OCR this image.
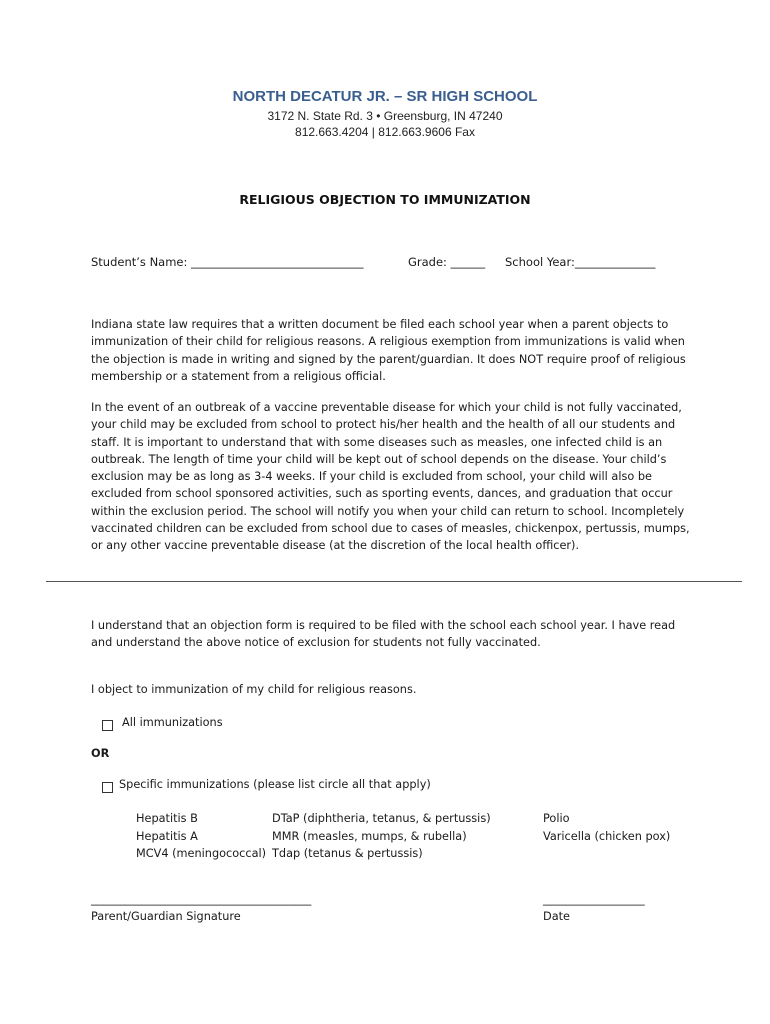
NORTH DECATUR JR. – SR HIGH SCHOOL
3172 N. State Rd. 3 • Greensburg, IN 47240
812.663.4204 | 812.663.9606 Fax
RELIGIOUS OBJECTION TO IMMUNIZATION
Student’s Name: ______________________________	Grade: ______ School Year:______________
Indiana state law requires that a written document be filed each school year when a parent objects to
immunization of their child for religious reasons. A religious exemption from immunizations is valid when
the objection is made in writing and signed by the parent/guardian. It does NOT require proof of religious
membership or a statement from a religious official.
In the event of an outbreak of a vaccine preventable disease for which your child is not fully vaccinated,
your child may be excluded from school to protect his/her health and the health of all our students and
staff. It is important to understand that with some diseases such as measles, one infected child is an
outbreak. The length of time your child will be kept out of school depends on the disease. Your child’s
exclusion may be as long as 3-4 weeks. If your child is excluded from school, your child will also be
excluded from school sponsored activities, such as sporting events, dances, and graduation that occur
within the exclusion period. The school will notify you when your child can return to school. Incompletely
vaccinated children can be excluded from school due to cases of measles, chickenpox, pertussis, mumps,
or any other vaccine preventable disease (at the discretion of the local health officer).
I understand that an objection form is required to be filed with the school each school year. I have read
and understand the above notice of exclusion for students not fully vaccinated.
I object to immunization of my child for religious reasons.
All immunizations
OR
Specific immunizations (please list circle all that apply)
Hepatitis B
Hepatitis A
MCV4 (meningococcal)
DTaP (diphtheria, tetanus, & pertussis)
MMR (measles, mumps, & rubella)
Tdap (tetanus & pertussis)
Polio
Varicella (chicken pox)
_______________________________________
Parent/Guardian Signature
__________________
Date
